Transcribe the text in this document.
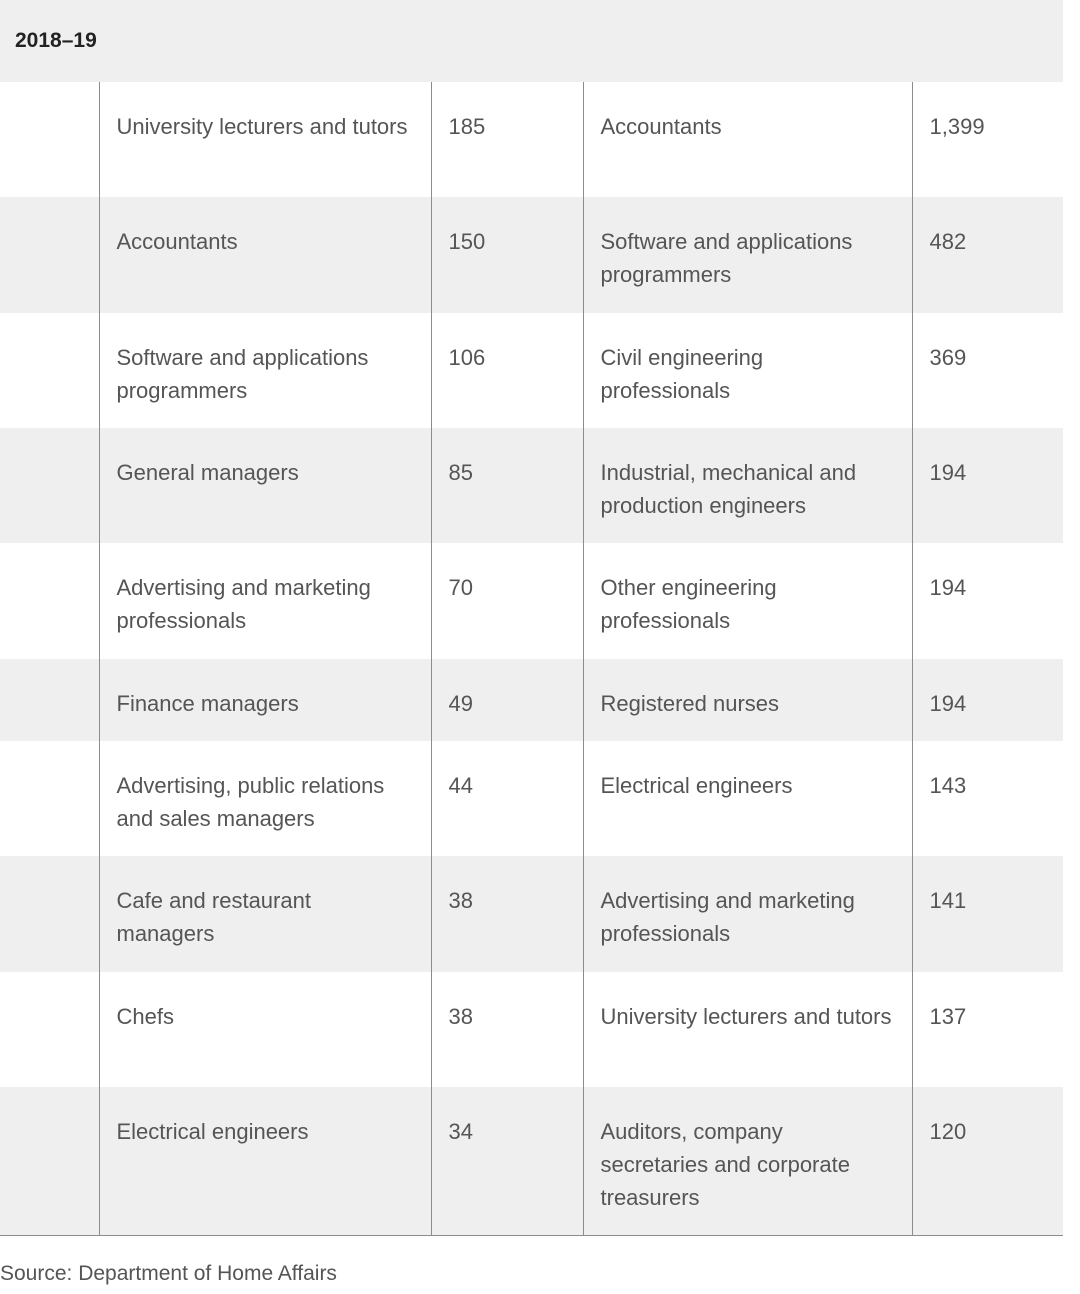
2018–19
	University lecturers and tutors	185	Accountants	1,399
	Accountants	150	Software and applications programmers	482
	Software and applications programmers	106	Civil engineering professionals	369
	General managers	85	Industrial, mechanical and production engineers	194
	Advertising and marketing professionals	70	Other engineering professionals	194
	Finance managers	49	Registered nurses	194
	Advertising, public relations and sales managers	44	Electrical engineers	143
	Cafe and restaurant managers	38	Advertising and marketing professionals	141
	Chefs	38	University lecturers and tutors	137
	Electrical engineers	34	Auditors, company secretaries and corporate treasurers	120
Source: Department of Home Affairs
